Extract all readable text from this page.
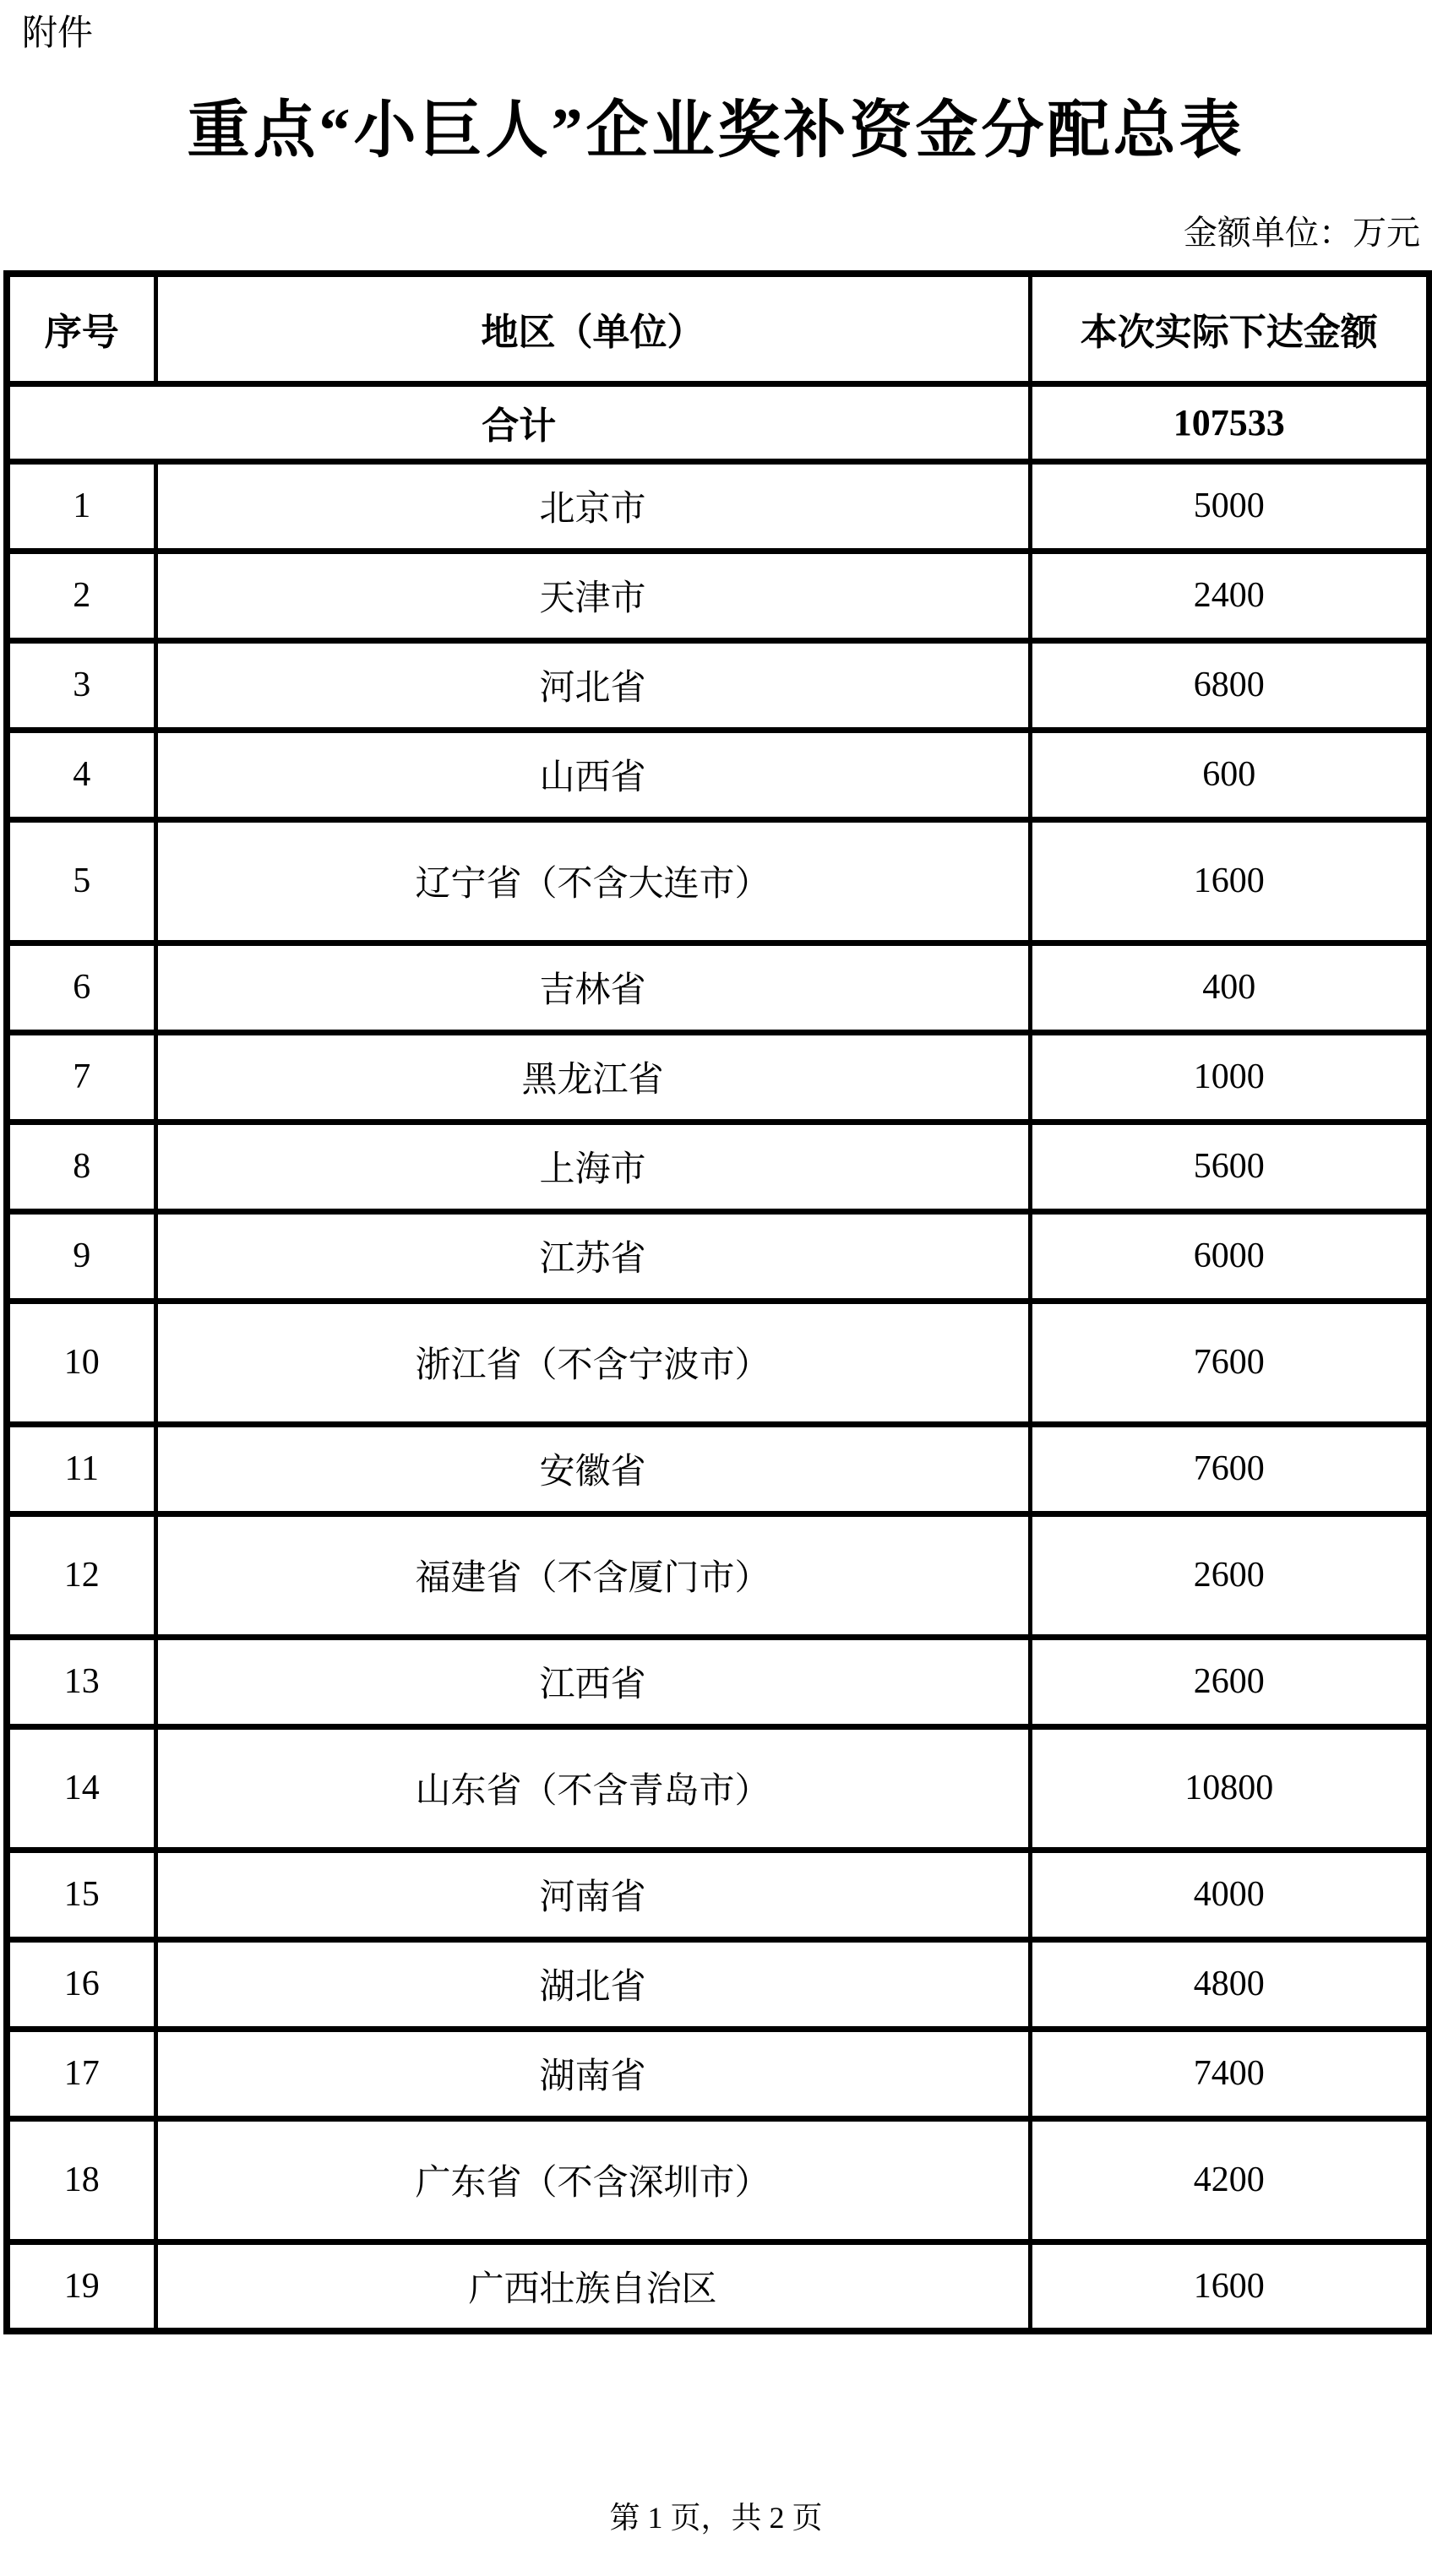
附件
重点“小巨人”企业奖补资金分配总表
金额单位：万元
序号	地区（单位）	本次实际下达金额
合计		107533
1	北京市	5000
2	天津市	2400
3	河北省	6800
4	山西省	600
5	辽宁省（不含大连市）	1600
6	吉林省	400
7	黑龙江省	1000
8	上海市	5600
9	江苏省	6000
10	浙江省（不含宁波市）	7600
11	安徽省	7600
12	福建省（不含厦门市）	2600
13	江西省	2600
14	山东省（不含青岛市）	10800
15	河南省	4000
16	湖北省	4800
17	湖南省	7400
18	广东省（不含深圳市）	4200
19	广西壮族自治区	1600
第 1 页，共 2 页
